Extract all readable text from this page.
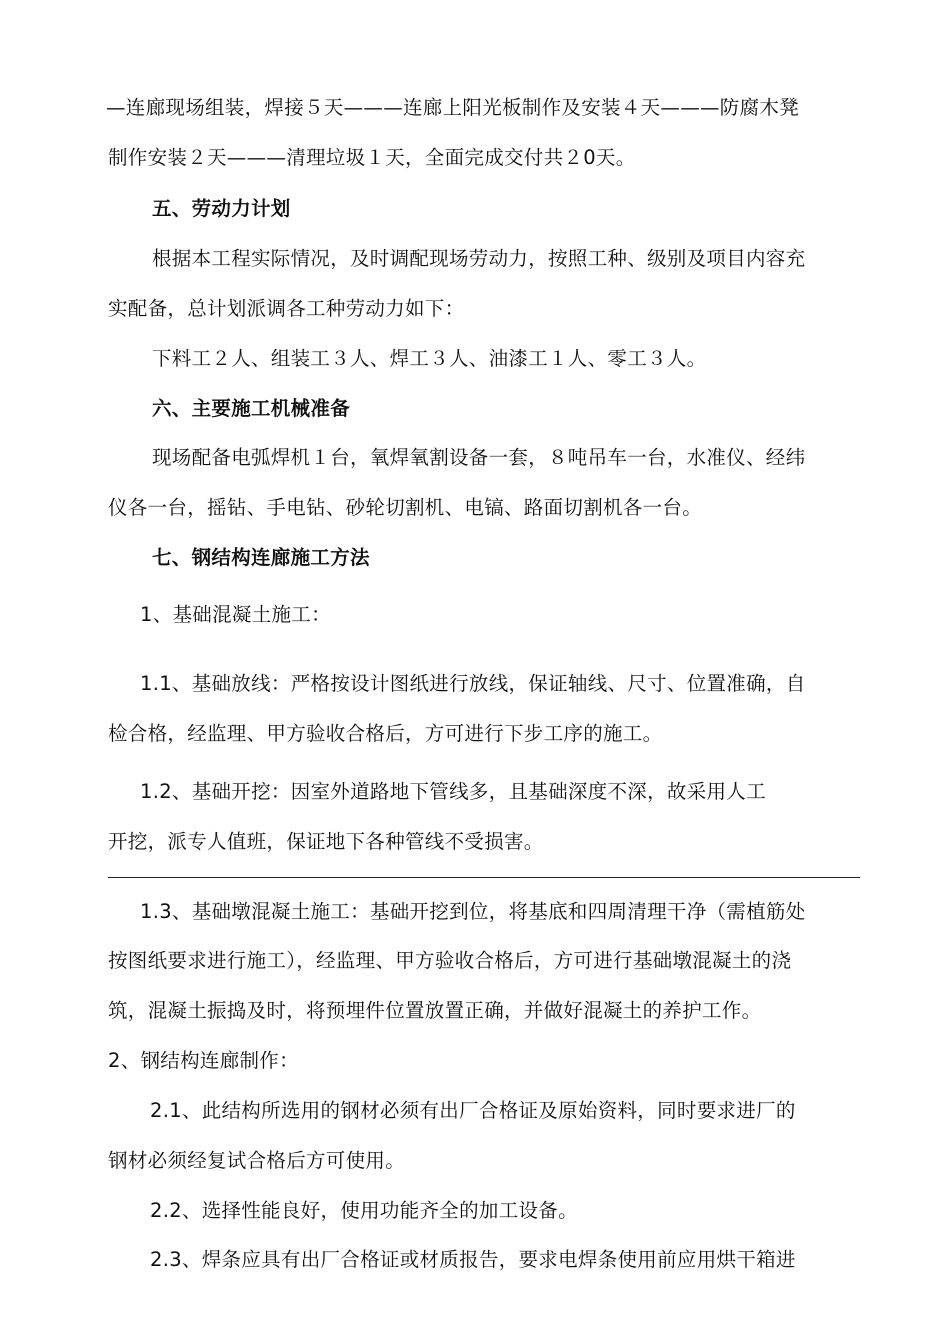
—连廊现场组装，焊接５天———连廊上阳光板制作及安装４天———防腐木凳
制作安装２天———清理垃圾１天，全面完成交付共２0天。
五、劳动力计划
根据本工程实际情况，及时调配现场劳动力，按照工种、级别及项目内容充
实配备，总计划派调各工种劳动力如下：
下料工２人、组装工３人、焊工３人、油漆工１人、零工３人。
六、主要施工机械准备
现场配备电弧焊机１台，氧焊氧割设备一套，８吨吊车一台，水准仪、经纬
仪各一台，摇钻、手电钻、砂轮切割机、电镐、路面切割机各一台。
七、钢结构连廊施工方法
1、基础混凝土施工：
1.1、基础放线：严格按设计图纸进行放线，保证轴线、尺寸、位置准确，自
检合格，经监理、甲方验收合格后，方可进行下步工序的施工。
1.2、基础开挖：因室外道路地下管线多，且基础深度不深，故采用人工
开挖，派专人值班，保证地下各种管线不受损害。
1.3、基础墩混凝土施工：基础开挖到位，将基底和四周清理干净（需植筋处
按图纸要求进行施工），经监理、甲方验收合格后，方可进行基础墩混凝土的浇
筑，混凝土振捣及时，将预埋件位置放置正确，并做好混凝土的养护工作。
2、钢结构连廊制作：
2.1、此结构所选用的钢材必须有出厂合格证及原始资料，同时要求进厂的
钢材必须经复试合格后方可使用。
2.2、选择性能良好，使用功能齐全的加工设备。
2.3、焊条应具有出厂合格证或材质报告，要求电焊条使用前应用烘干箱进
